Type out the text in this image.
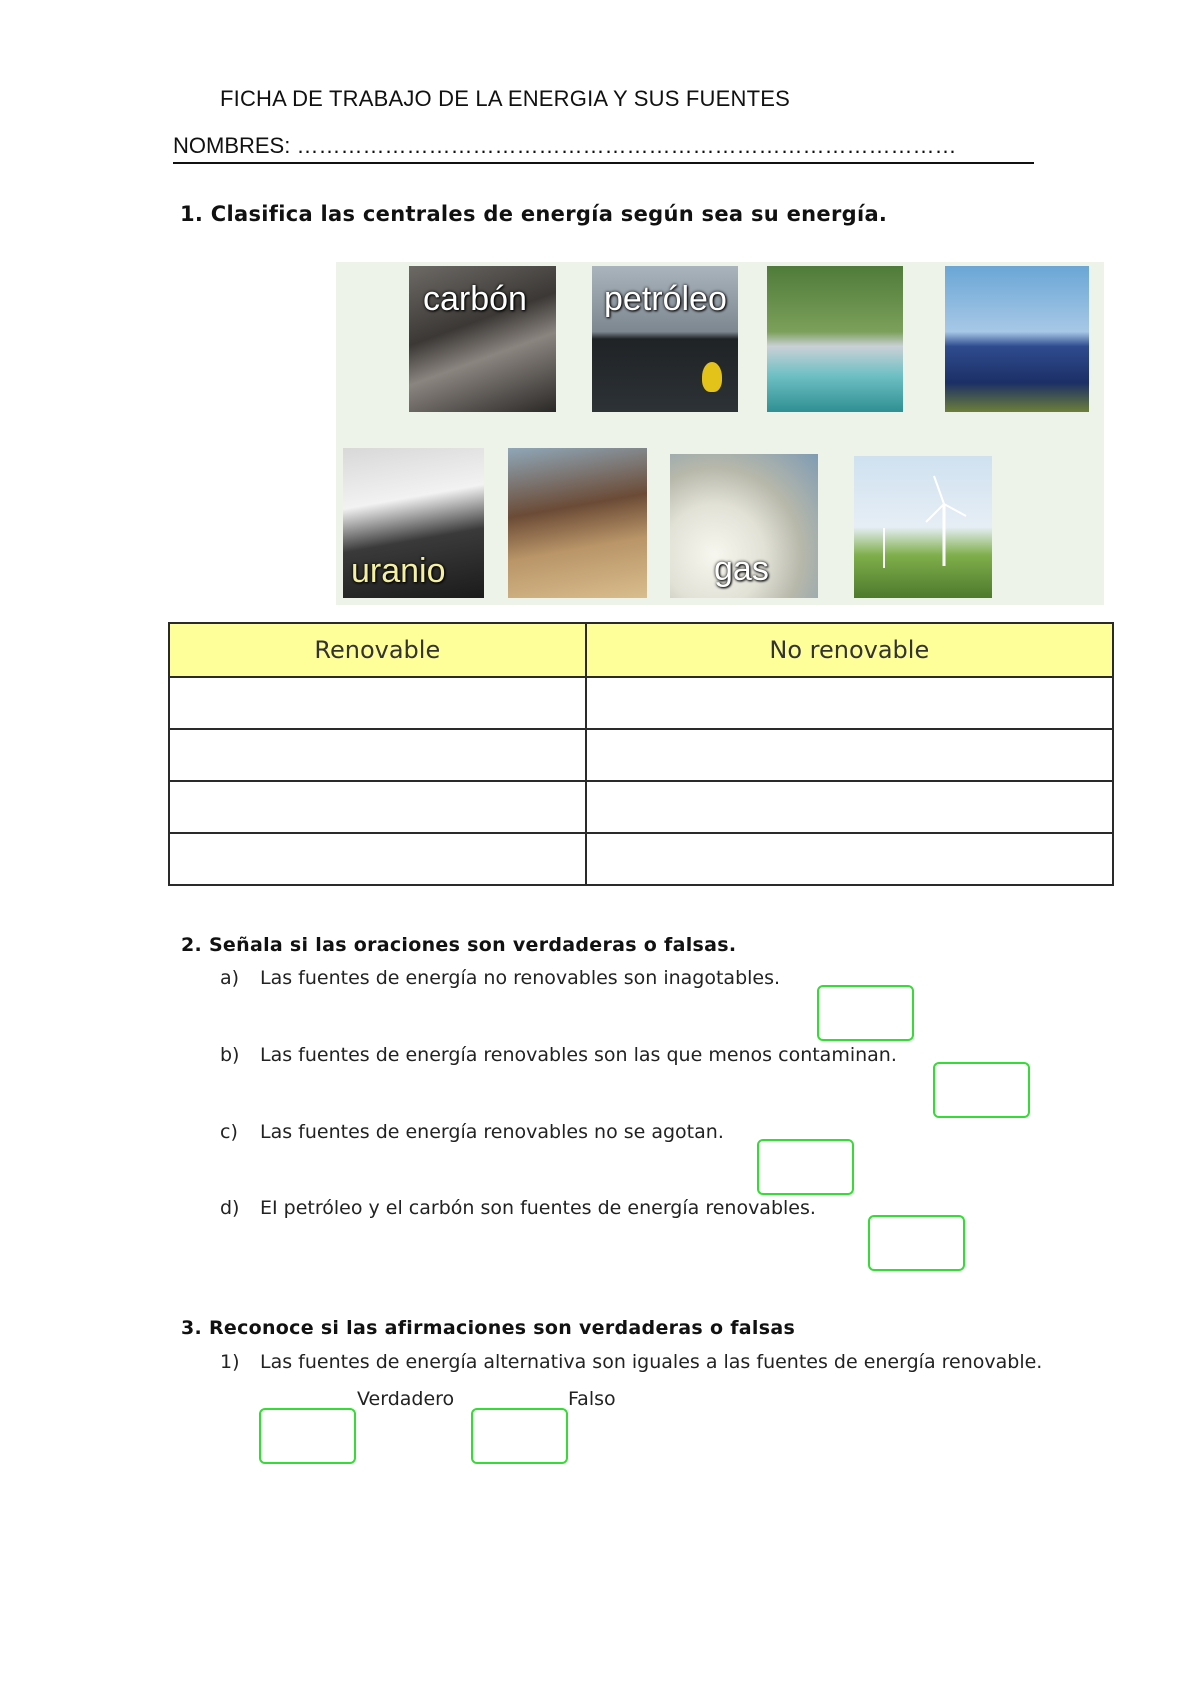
FICHA DE TRABAJO DE LA ENERGIA Y SUS FUENTES
NOMBRES: ………………………………………………………………………………
1. Clasifica las centrales de energía según sea su energía.
carbón petróleo
uranio	gas
Renovable	No renovable

2. Señala si las oraciones son verdaderas o falsas.
a) Las fuentes de energía no renovables son inagotables.
b) Las fuentes de energía renovables son las que menos contaminan.
c) Las fuentes de energía renovables no se agotan.
d) EI petróleo y el carbón son fuentes de energía renovables.
3. Reconoce si las afirmaciones son verdaderas o falsas
1) Las fuentes de energía alternativa son iguales a las fuentes de energía renovable.
Verdadero	Falso
